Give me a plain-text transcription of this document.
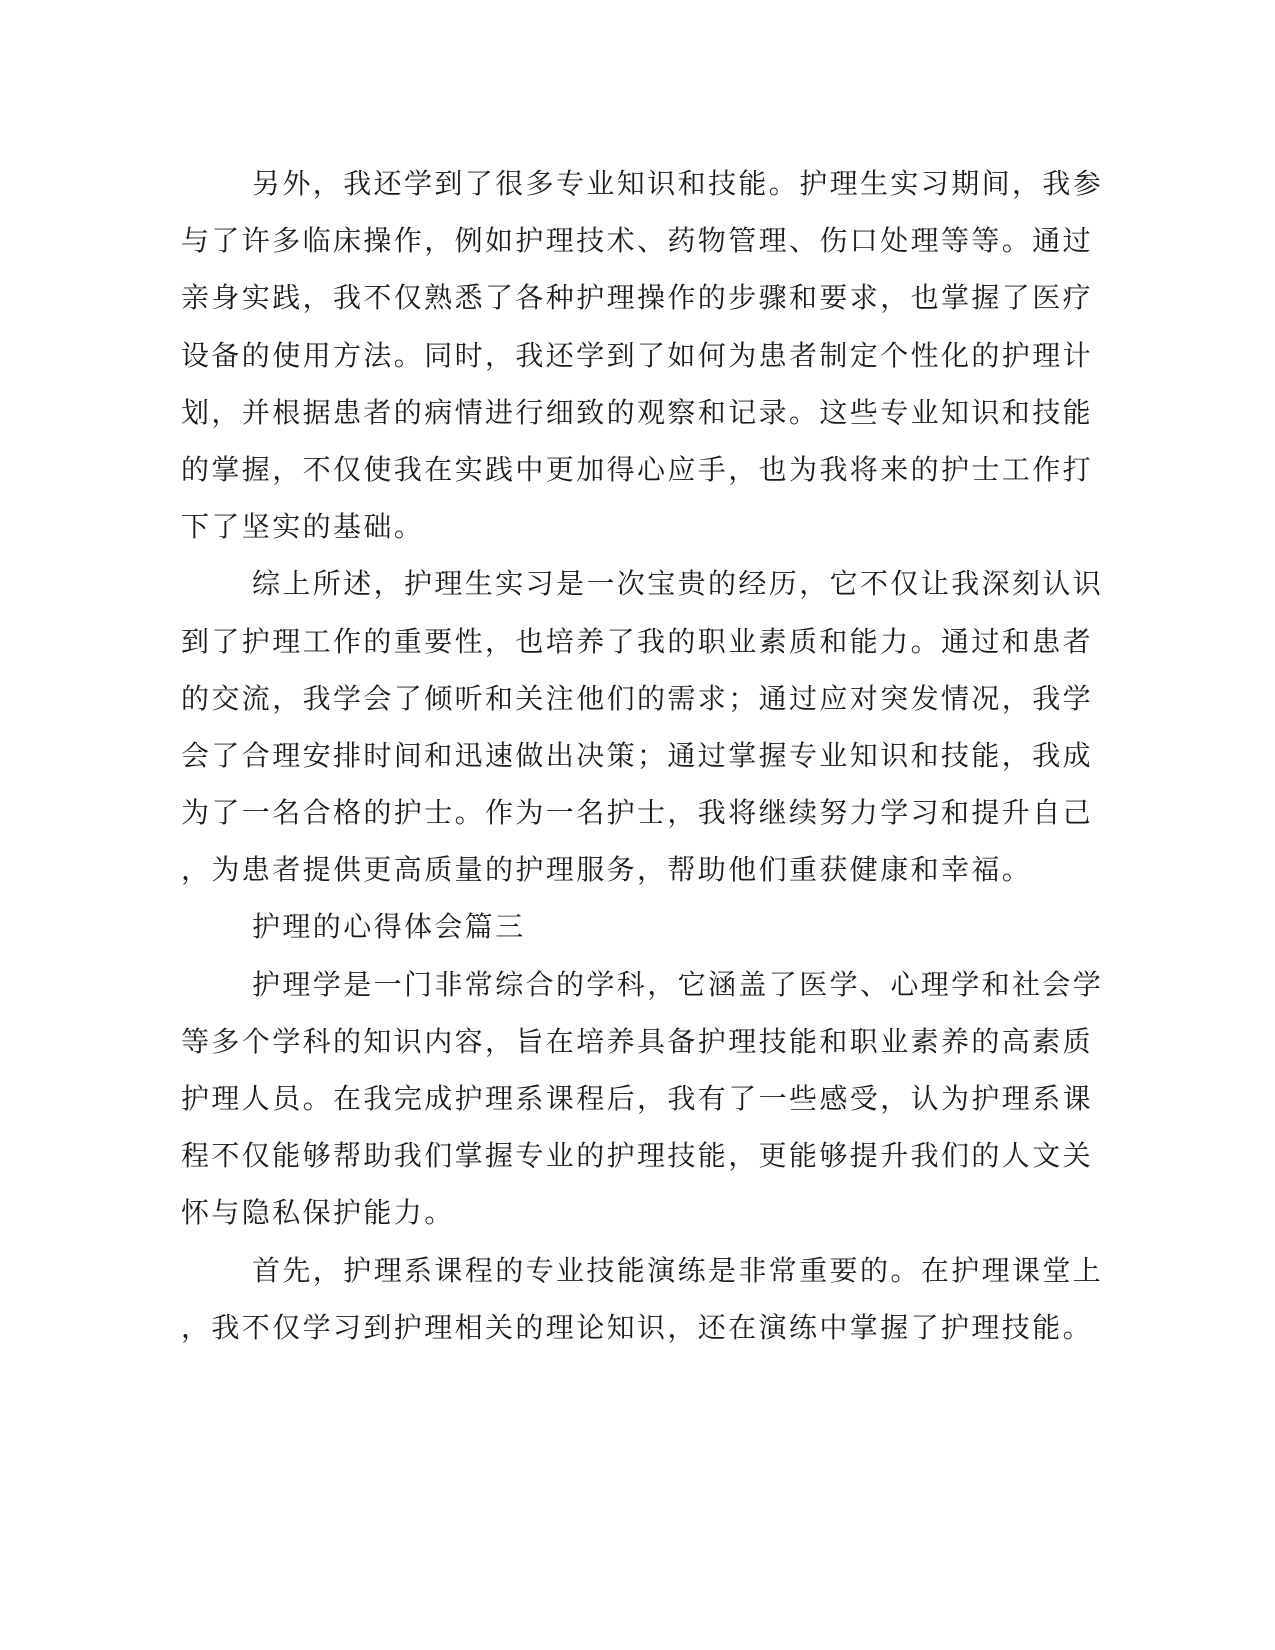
另外，我还学到了很多专业知识和技能。护理生实习期间，我参
与了许多临床操作，例如护理技术、药物管理、伤口处理等等。通过
亲身实践，我不仅熟悉了各种护理操作的步骤和要求，也掌握了医疗
设备的使用方法。同时，我还学到了如何为患者制定个性化的护理计
划，并根据患者的病情进行细致的观察和记录。这些专业知识和技能
的掌握，不仅使我在实践中更加得心应手，也为我将来的护士工作打
下了坚实的基础。
综上所述，护理生实习是一次宝贵的经历，它不仅让我深刻认识
到了护理工作的重要性，也培养了我的职业素质和能力。通过和患者
的交流，我学会了倾听和关注他们的需求；通过应对突发情况，我学
会了合理安排时间和迅速做出决策；通过掌握专业知识和技能，我成
为了一名合格的护士。作为一名护士，我将继续努力学习和提升自己
，为患者提供更高质量的护理服务，帮助他们重获健康和幸福。
护理的心得体会篇三
护理学是一门非常综合的学科，它涵盖了医学、心理学和社会学
等多个学科的知识内容，旨在培养具备护理技能和职业素养的高素质
护理人员。在我完成护理系课程后，我有了一些感受，认为护理系课
程不仅能够帮助我们掌握专业的护理技能，更能够提升我们的人文关
怀与隐私保护能力。
首先，护理系课程的专业技能演练是非常重要的。在护理课堂上
，我不仅学习到护理相关的理论知识，还在演练中掌握了护理技能。
